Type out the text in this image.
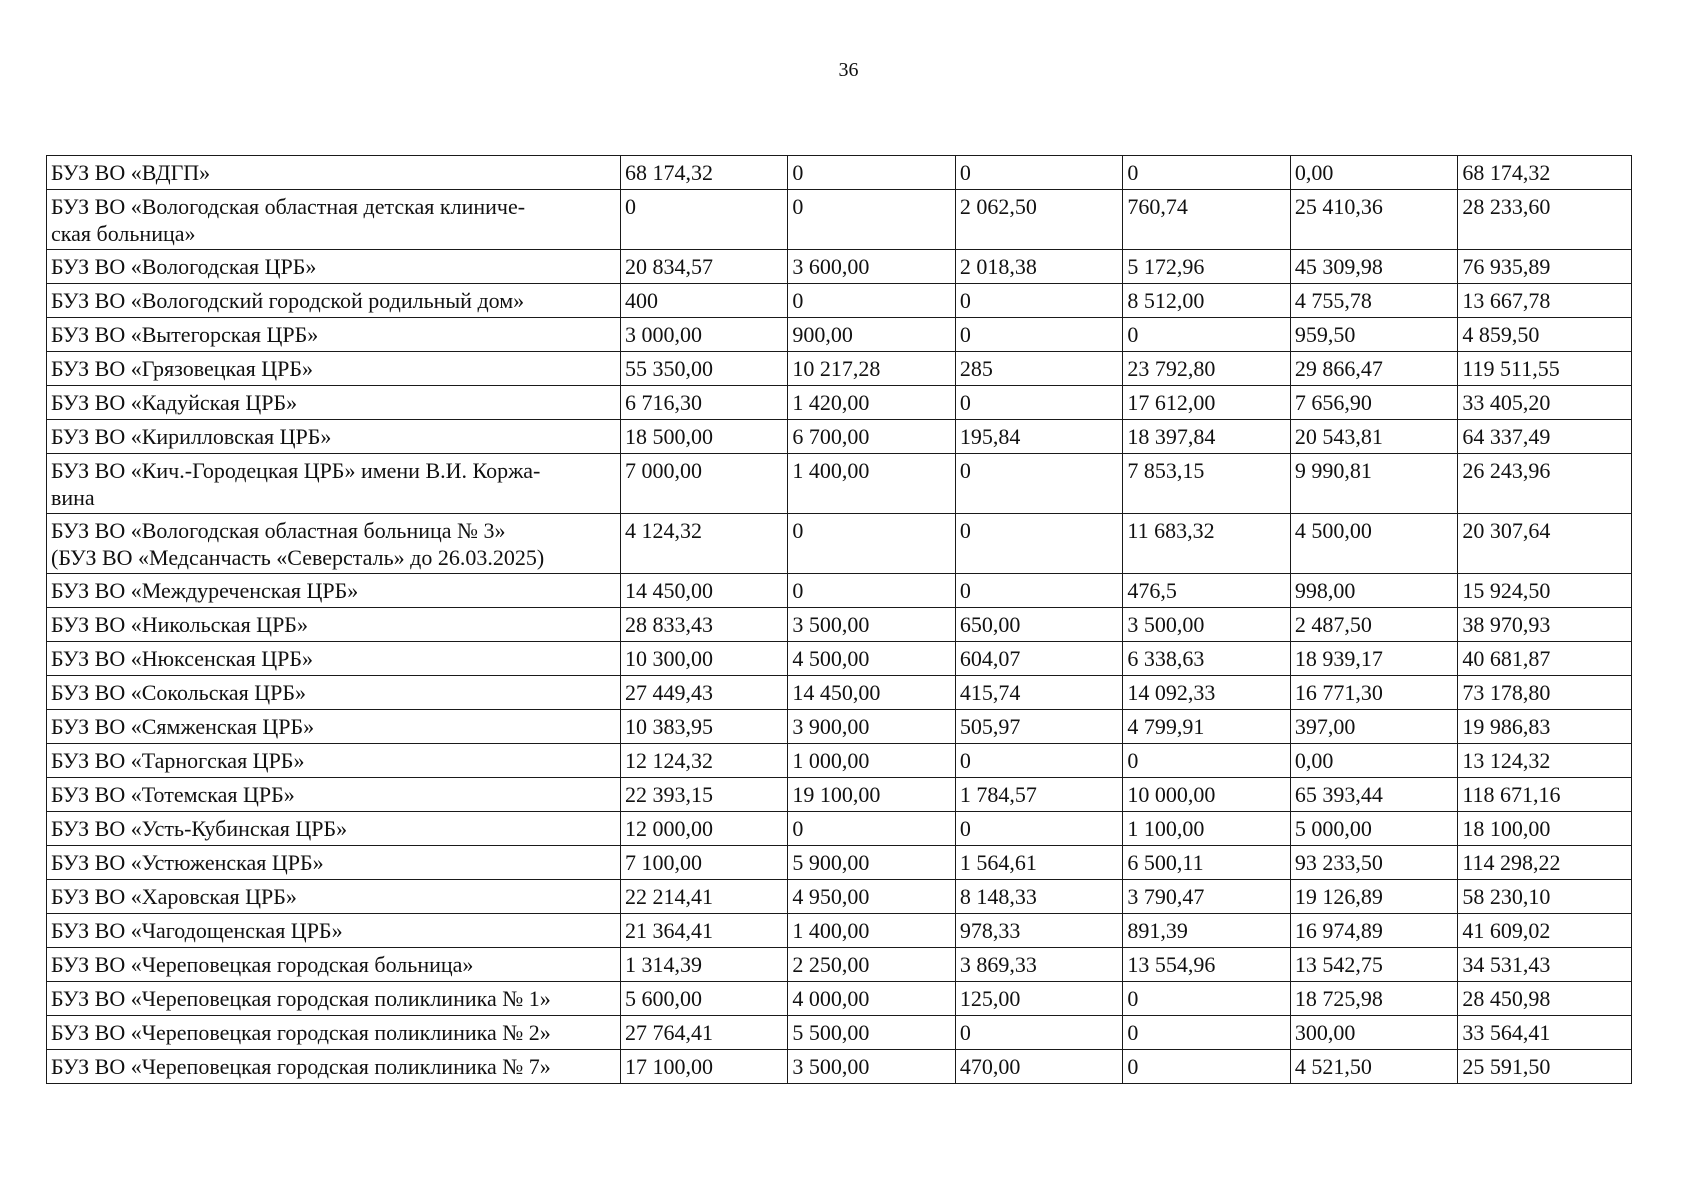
36
БУЗ ВО «ВДГП»	68 174,32	0	0	0	0,00	68 174,32
БУЗ ВО «Вологодская областная детская клиниче-
ская больница»	0	0	2 062,50	760,74	25 410,36	28 233,60
БУЗ ВО «Вологодская ЦРБ»	20 834,57	3 600,00	2 018,38	5 172,96	45 309,98	76 935,89
БУЗ ВО «Вологодский городской родильный дом»	400	0	0	8 512,00	4 755,78	13 667,78
БУЗ ВО «Вытегорская ЦРБ»	3 000,00	900,00	0	0	959,50	4 859,50
БУЗ ВО «Грязовецкая ЦРБ»	55 350,00	10 217,28	285	23 792,80	29 866,47	119 511,55
БУЗ ВО «Кадуйская ЦРБ»	6 716,30	1 420,00	0	17 612,00	7 656,90	33 405,20
БУЗ ВО «Кирилловская ЦРБ»	18 500,00	6 700,00	195,84	18 397,84	20 543,81	64 337,49
БУЗ ВО «Кич.-Городецкая ЦРБ» имени В.И. Коржа-
вина	7 000,00	1 400,00	0	7 853,15	9 990,81	26 243,96
БУЗ ВО «Вологодская областная больница № 3»
(БУЗ ВО «Медсанчасть «Северсталь» до 26.03.2025)	4 124,32	0	0	11 683,32	4 500,00	20 307,64
БУЗ ВО «Междуреченская ЦРБ»	14 450,00	0	0	476,5	998,00	15 924,50
БУЗ ВО «Никольская ЦРБ»	28 833,43	3 500,00	650,00	3 500,00	2 487,50	38 970,93
БУЗ ВО «Нюксенская ЦРБ»	10 300,00	4 500,00	604,07	6 338,63	18 939,17	40 681,87
БУЗ ВО «Сокольская ЦРБ»	27 449,43	14 450,00	415,74	14 092,33	16 771,30	73 178,80
БУЗ ВО «Сямженская ЦРБ»	10 383,95	3 900,00	505,97	4 799,91	397,00	19 986,83
БУЗ ВО «Тарногская ЦРБ»	12 124,32	1 000,00	0	0	0,00	13 124,32
БУЗ ВО «Тотемская ЦРБ»	22 393,15	19 100,00	1 784,57	10 000,00	65 393,44	118 671,16
БУЗ ВО «Усть-Кубинская ЦРБ»	12 000,00	0	0	1 100,00	5 000,00	18 100,00
БУЗ ВО «Устюженская ЦРБ»	7 100,00	5 900,00	1 564,61	6 500,11	93 233,50	114 298,22
БУЗ ВО «Харовская ЦРБ»	22 214,41	4 950,00	8 148,33	3 790,47	19 126,89	58 230,10
БУЗ ВО «Чагодощенская ЦРБ»	21 364,41	1 400,00	978,33	891,39	16 974,89	41 609,02
БУЗ ВО «Череповецкая городская больница»	1 314,39	2 250,00	3 869,33	13 554,96	13 542,75	34 531,43
БУЗ ВО «Череповецкая городская поликлиника № 1»	5 600,00	4 000,00	125,00	0	18 725,98	28 450,98
БУЗ ВО «Череповецкая городская поликлиника № 2»	27 764,41	5 500,00	0	0	300,00	33 564,41
БУЗ ВО «Череповецкая городская поликлиника № 7»	17 100,00	3 500,00	470,00	0	4 521,50	25 591,50
